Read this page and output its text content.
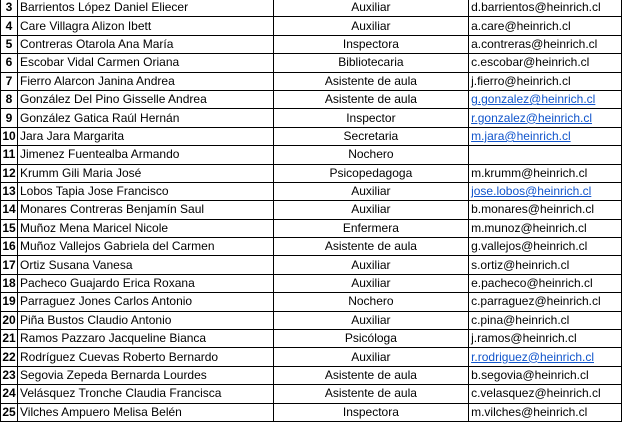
3	Barrientos López Daniel Eliecer	Auxiliar	d.barrientos@heinrich.cl
4	Care Villagra Alizon Ibett	Auxiliar	a.care@heinrich.cl
5	Contreras Otarola Ana María	Inspectora	a.contreras@heinrich.cl
6	Escobar Vidal Carmen Oriana	Bibliotecaria	c.escobar@heinrich.cl
7	Fierro Alarcon Janina Andrea	Asistente de aula	j.fierro@heinrich.cl
8	González Del Pino Gisselle Andrea	Asistente de aula	g.gonzalez@heinrich.cl
9	González Gatica Raúl Hernán	Inspector	r.gonzalez@heinrich.cl
10	Jara Jara Margarita	Secretaria	m.jara@heinrich.cl
11	Jimenez Fuentealba Armando	Nochero	
12	Krumm Gili Maria José	Psicopedagoga	m.krumm@heinrich.cl
13	Lobos Tapia Jose Francisco	Auxiliar	jose.lobos@heinrich.cl
14	Monares Contreras Benjamín Saul	Auxiliar	b.monares@heinrich.cl
15	Muñoz Mena Maricel Nicole	Enfermera	m.munoz@heinrich.cl
16	Muñoz Vallejos Gabriela del Carmen	Asistente de aula	g.vallejos@heinrich.cl
17	Ortiz Susana Vanesa	Auxiliar	s.ortiz@heinrich.cl
18	Pacheco Guajardo Erica Roxana	Auxiliar	e.pacheco@heinrich.cl
19	Parraguez Jones Carlos Antonio	Nochero	c.parraguez@heinrich.cl
20	Piña Bustos Claudio Antonio	Auxiliar	c.pina@heinrich.cl
21	Ramos Pazzaro Jacqueline Bianca	Psicóloga	j.ramos@heinrich.cl
22	Rodríguez Cuevas Roberto Bernardo	Auxiliar	r.rodriguez@heinrich.cl
23	Segovia Zepeda Bernarda Lourdes	Asistente de aula	b.segovia@heinrich.cl
24	Velásquez Tronche Claudia Francisca	Asistente de aula	c.velasquez@heinrich.cl
25	Vilches Ampuero Melisa Belén	Inspectora	m.vilches@heinrich.cl
